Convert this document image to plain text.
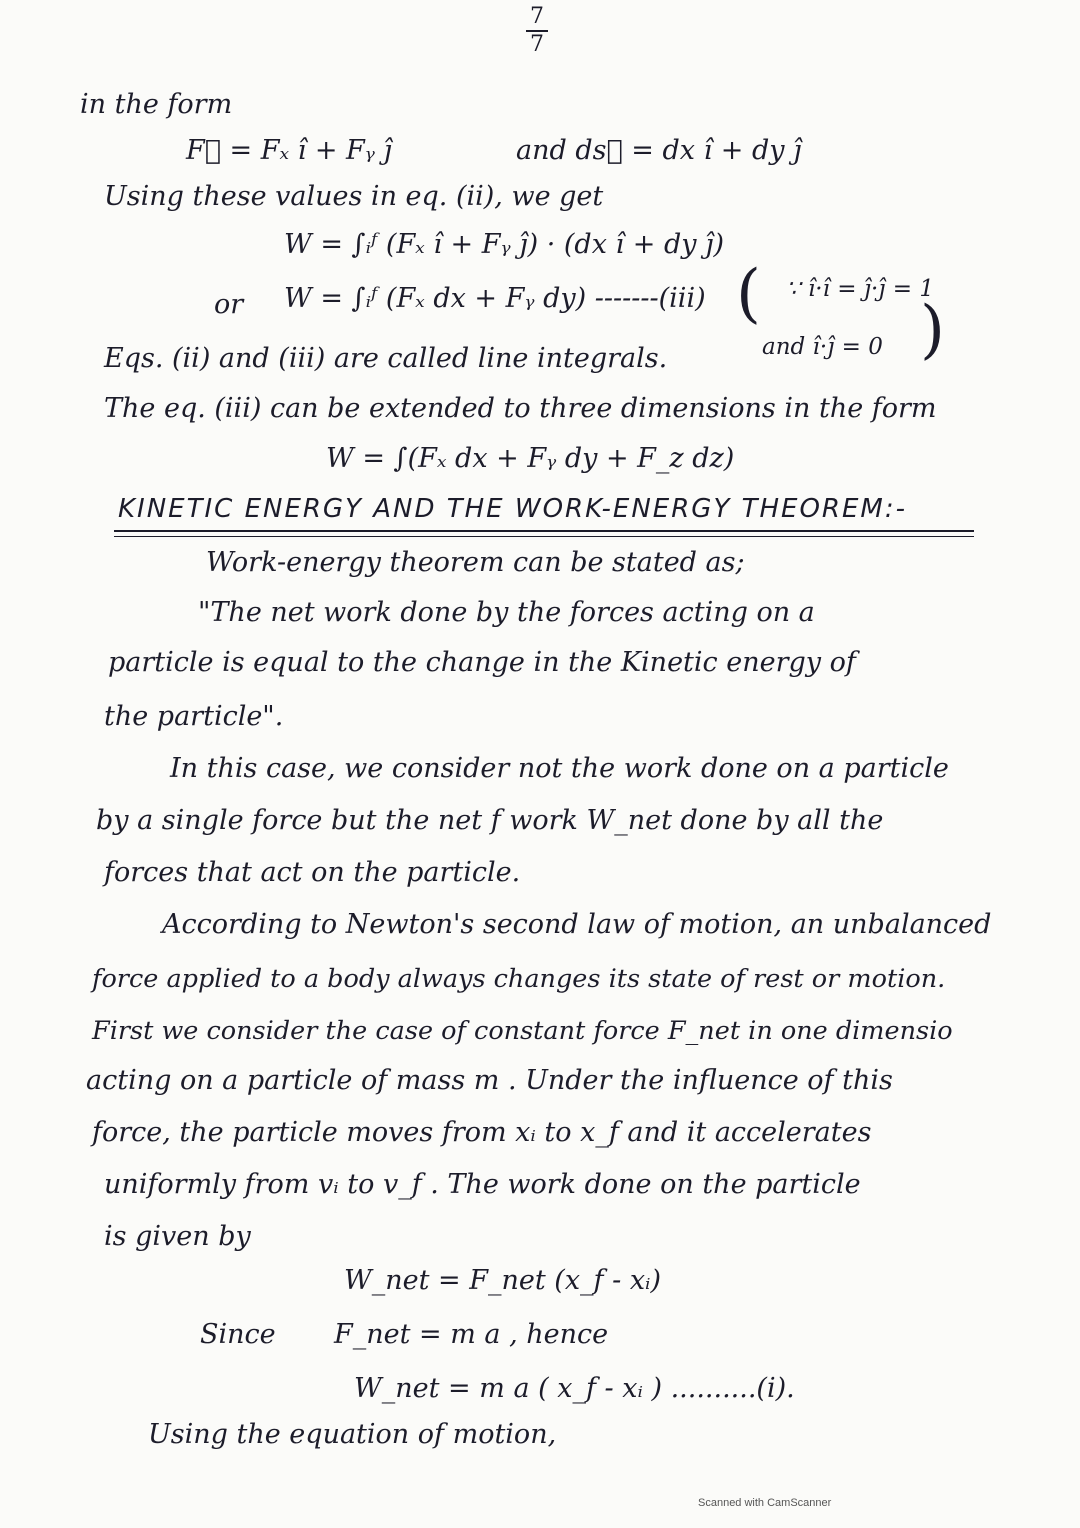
7
7
in the form
F⃗ = Fₓ î + Fᵧ ĵ	and ds⃗ = dx î + dy ĵ
Using these values in eq. (ii), we get
W = ∫ᵢᶠ (Fₓ î + Fᵧ ĵ) · (dx î + dy ĵ)
or W = ∫ᵢᶠ (Fₓ dx + Fᵧ dy) -------(iii) ( ∵ î·î = ĵ·ĵ = 1
and î·ĵ = 0 )
Eqs. (ii) and (iii) are called line integrals.
The eq. (iii) can be extended to three dimensions in the form
W = ∫(Fₓ dx + Fᵧ dy + F_z dz)
KINETIC ENERGY AND THE WORK-ENERGY THEOREM:-
Work-energy theorem can be stated as;
"The net work done by the forces acting on a
particle is equal to the change in the Kinetic energy of
the particle".
In this case, we consider not the work done on a particle
by a single force but the net f work W_net done by all the
forces that act on the particle.
According to Newton's second law of motion, an unbalanced
force applied to a body always changes its state of rest or motion.
First we consider the case of constant force F_net in one dimensio
acting on a particle of mass m . Under the influence of this
force, the particle moves from xᵢ to x_f and it accelerates
uniformly from vᵢ to v_f . The work done on the particle
is given by
W_net = F_net (x_f - xᵢ)
Since F_net = m a , hence
W_net = m a ( x_f - xᵢ ) ..........(i).
Using the equation of motion,
Scanned with CamScanner
